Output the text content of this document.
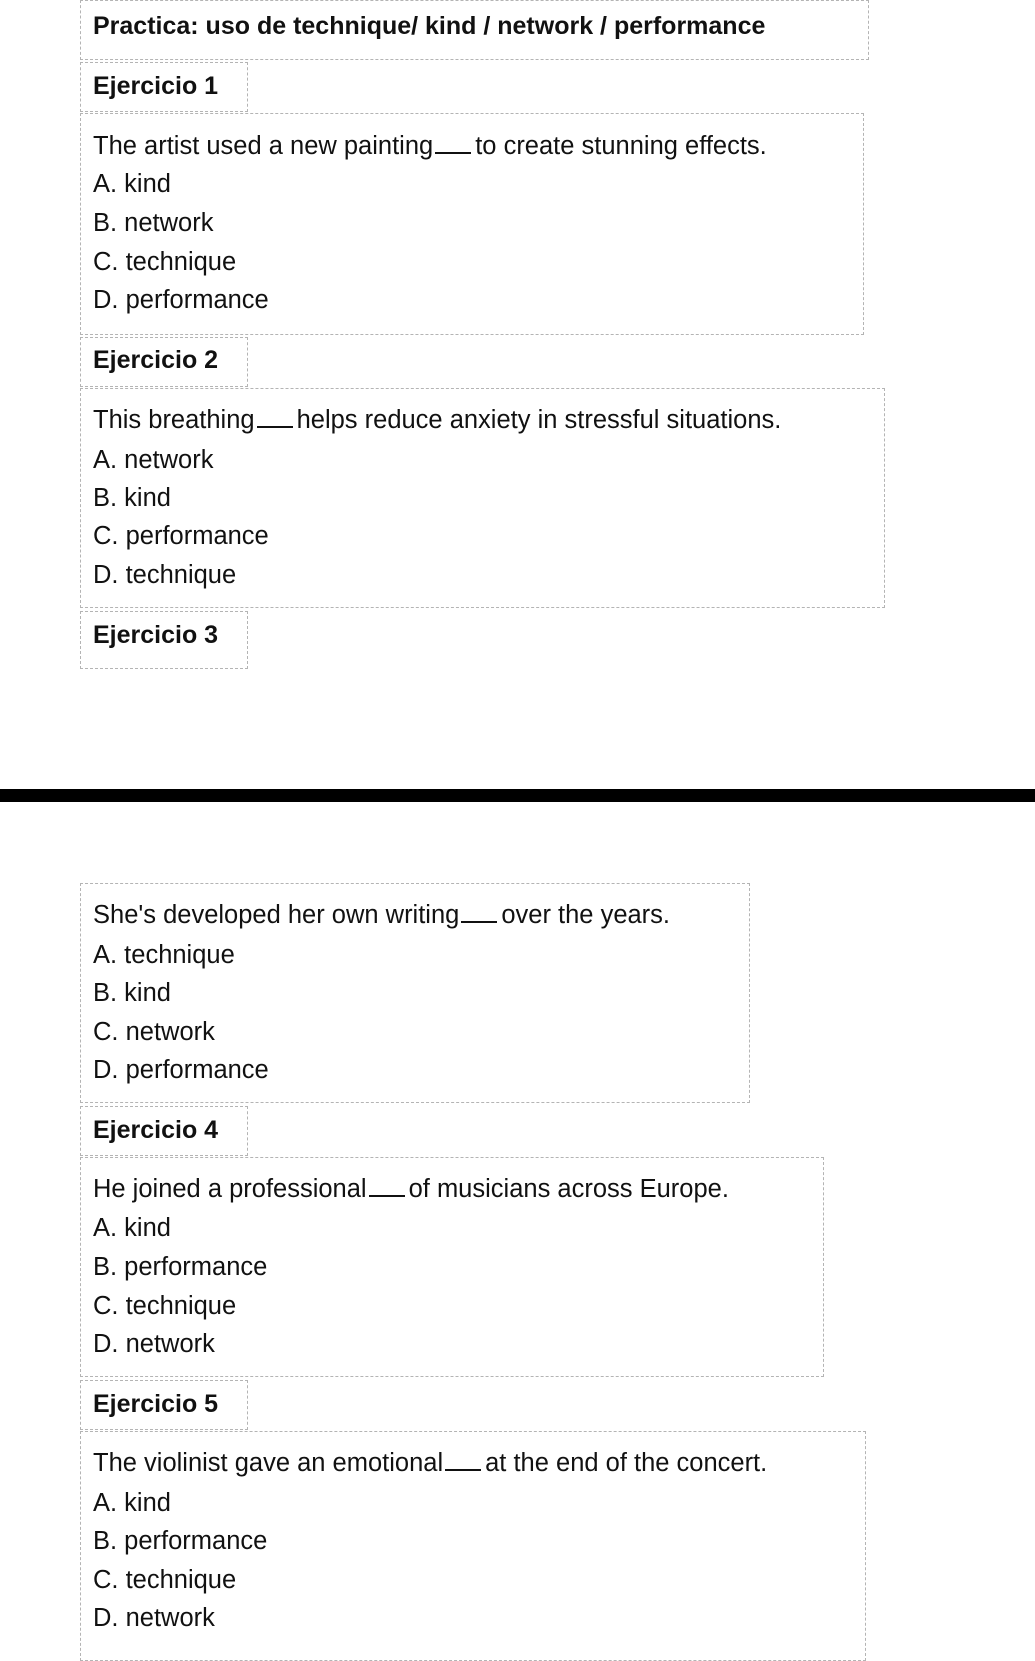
Practica: uso de technique/ kind / network / performance
Ejercicio 1
The artist used a new painting to create stunning effects.
A. kind
B. network
C. technique
D. performance
Ejercicio 2
This breathing helps reduce anxiety in stressful situations.
A. network
B. kind
C. performance
D. technique
Ejercicio 3
She's developed her own writing over the years.
A. technique
B. kind
C. network
D. performance
Ejercicio 4
He joined a professional of musicians across Europe.
A. kind
B. performance
C. technique
D. network
Ejercicio 5
The violinist gave an emotional at the end of the concert.
A. kind
B. performance
C. technique
D. network
